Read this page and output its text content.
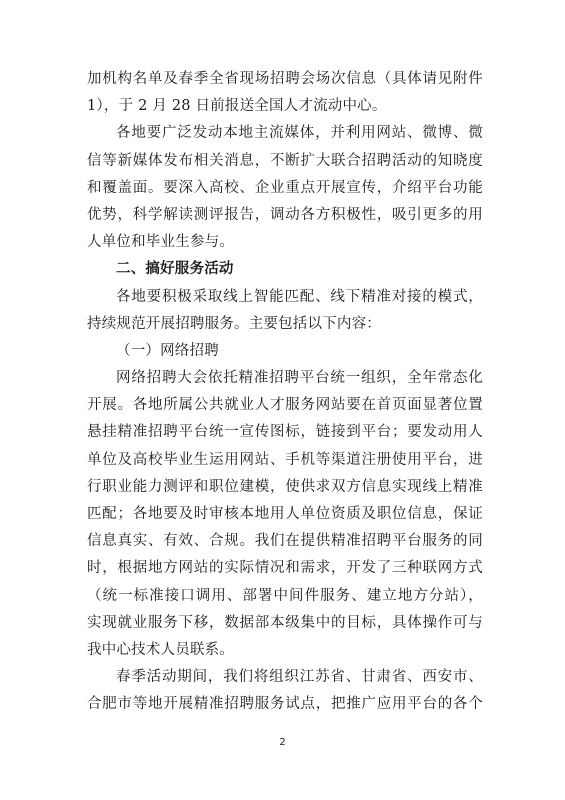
加机构名单及春季全省现场招聘会场次信息（具体请见附件
1），于 2 月 28 日前报送全国人才流动中心。
各地要广泛发动本地主流媒体，并利用网站、微博、微
信等新媒体发布相关消息，不断扩大联合招聘活动的知晓度
和覆盖面。要深入高校、企业重点开展宣传，介绍平台功能
优势，科学解读测评报告，调动各方积极性，吸引更多的用
人单位和毕业生参与。
二、搞好服务活动
各地要积极采取线上智能匹配、线下精准对接的模式，
持续规范开展招聘服务。主要包括以下内容：
（一）网络招聘
网络招聘大会依托精准招聘平台统一组织，全年常态化
开展。各地所属公共就业人才服务网站要在首页面显著位置
悬挂精准招聘平台统一宣传图标，链接到平台；要发动用人
单位及高校毕业生运用网站、手机等渠道注册使用平台，进
行职业能力测评和职位建模，使供求双方信息实现线上精准
匹配；各地要及时审核本地用人单位资质及职位信息，保证
信息真实、有效、合规。我们在提供精准招聘平台服务的同
时，根据地方网站的实际情况和需求，开发了三种联网方式
（统一标准接口调用、部署中间件服务、建立地方分站），
实现就业服务下移，数据部本级集中的目标，具体操作可与
我中心技术人员联系。
春季活动期间，我们将组织江苏省、甘肃省、西安市、
合肥市等地开展精准招聘服务试点，把推广应用平台的各个
2
